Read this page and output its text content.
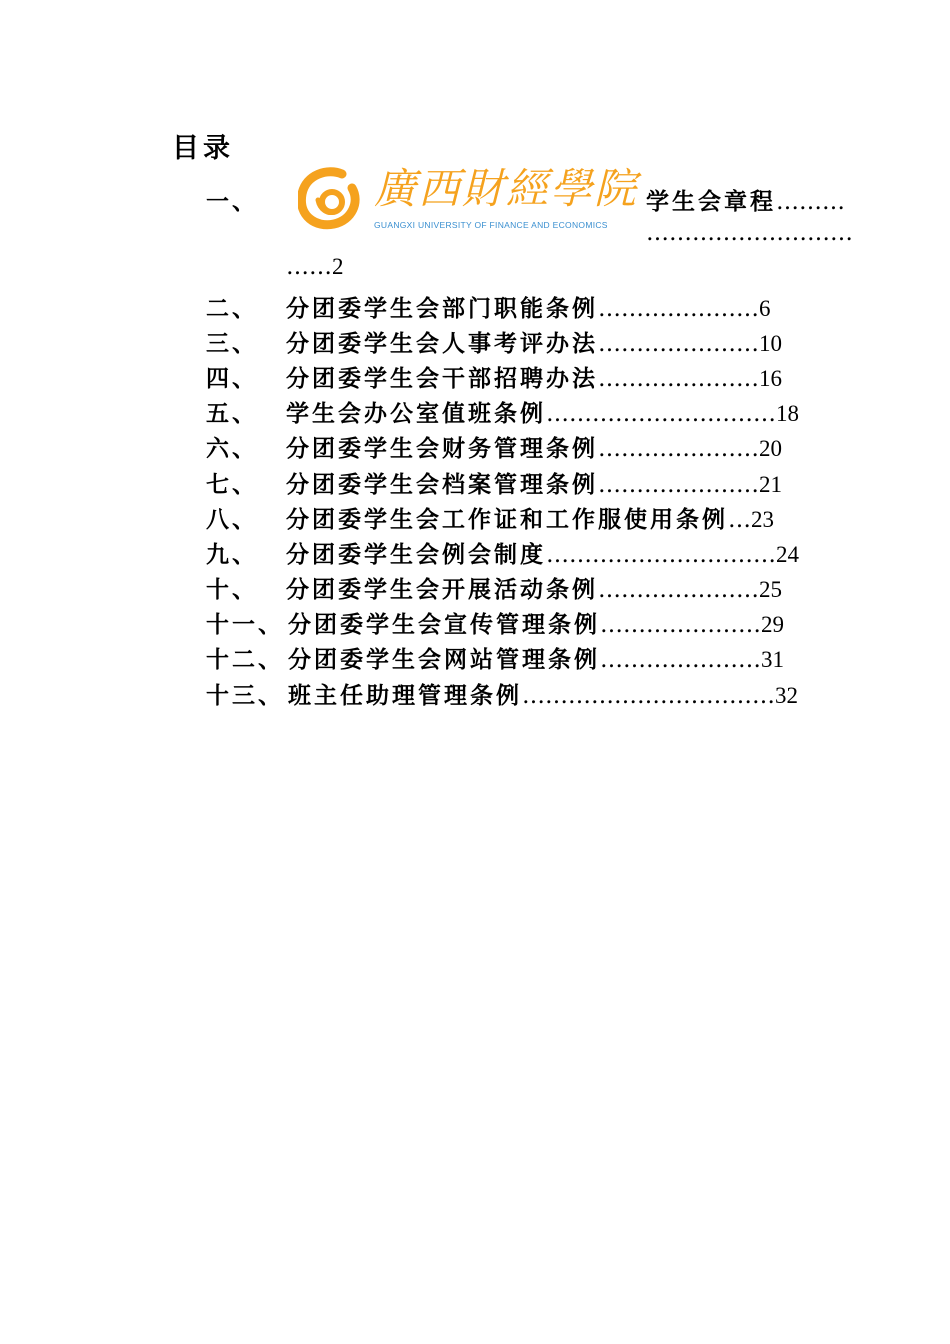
目录
一、	廣西財經學院
GUANGXI UNIVERSITY OF FINANCE AND ECONOMICS
学生会章程………
………………………
……2
二、 分团委学生会部门职能条例…………………6
三、 分团委学生会人事考评办法…………………10
四、 分团委学生会干部招聘办法…………………16
五、 学生会办公室值班条例…………………………18
六、 分团委学生会财务管理条例…………………20
七、 分团委学生会档案管理条例…………………21
八、 分团委学生会工作证和工作服使用条例…23
九、 分团委学生会例会制度…………………………24
十、 分团委学生会开展活动条例…………………25
十一、 分团委学生会宣传管理条例…………………29
十二、 分团委学生会网站管理条例…………………31
十三、 班主任助理管理条例……………………………32
